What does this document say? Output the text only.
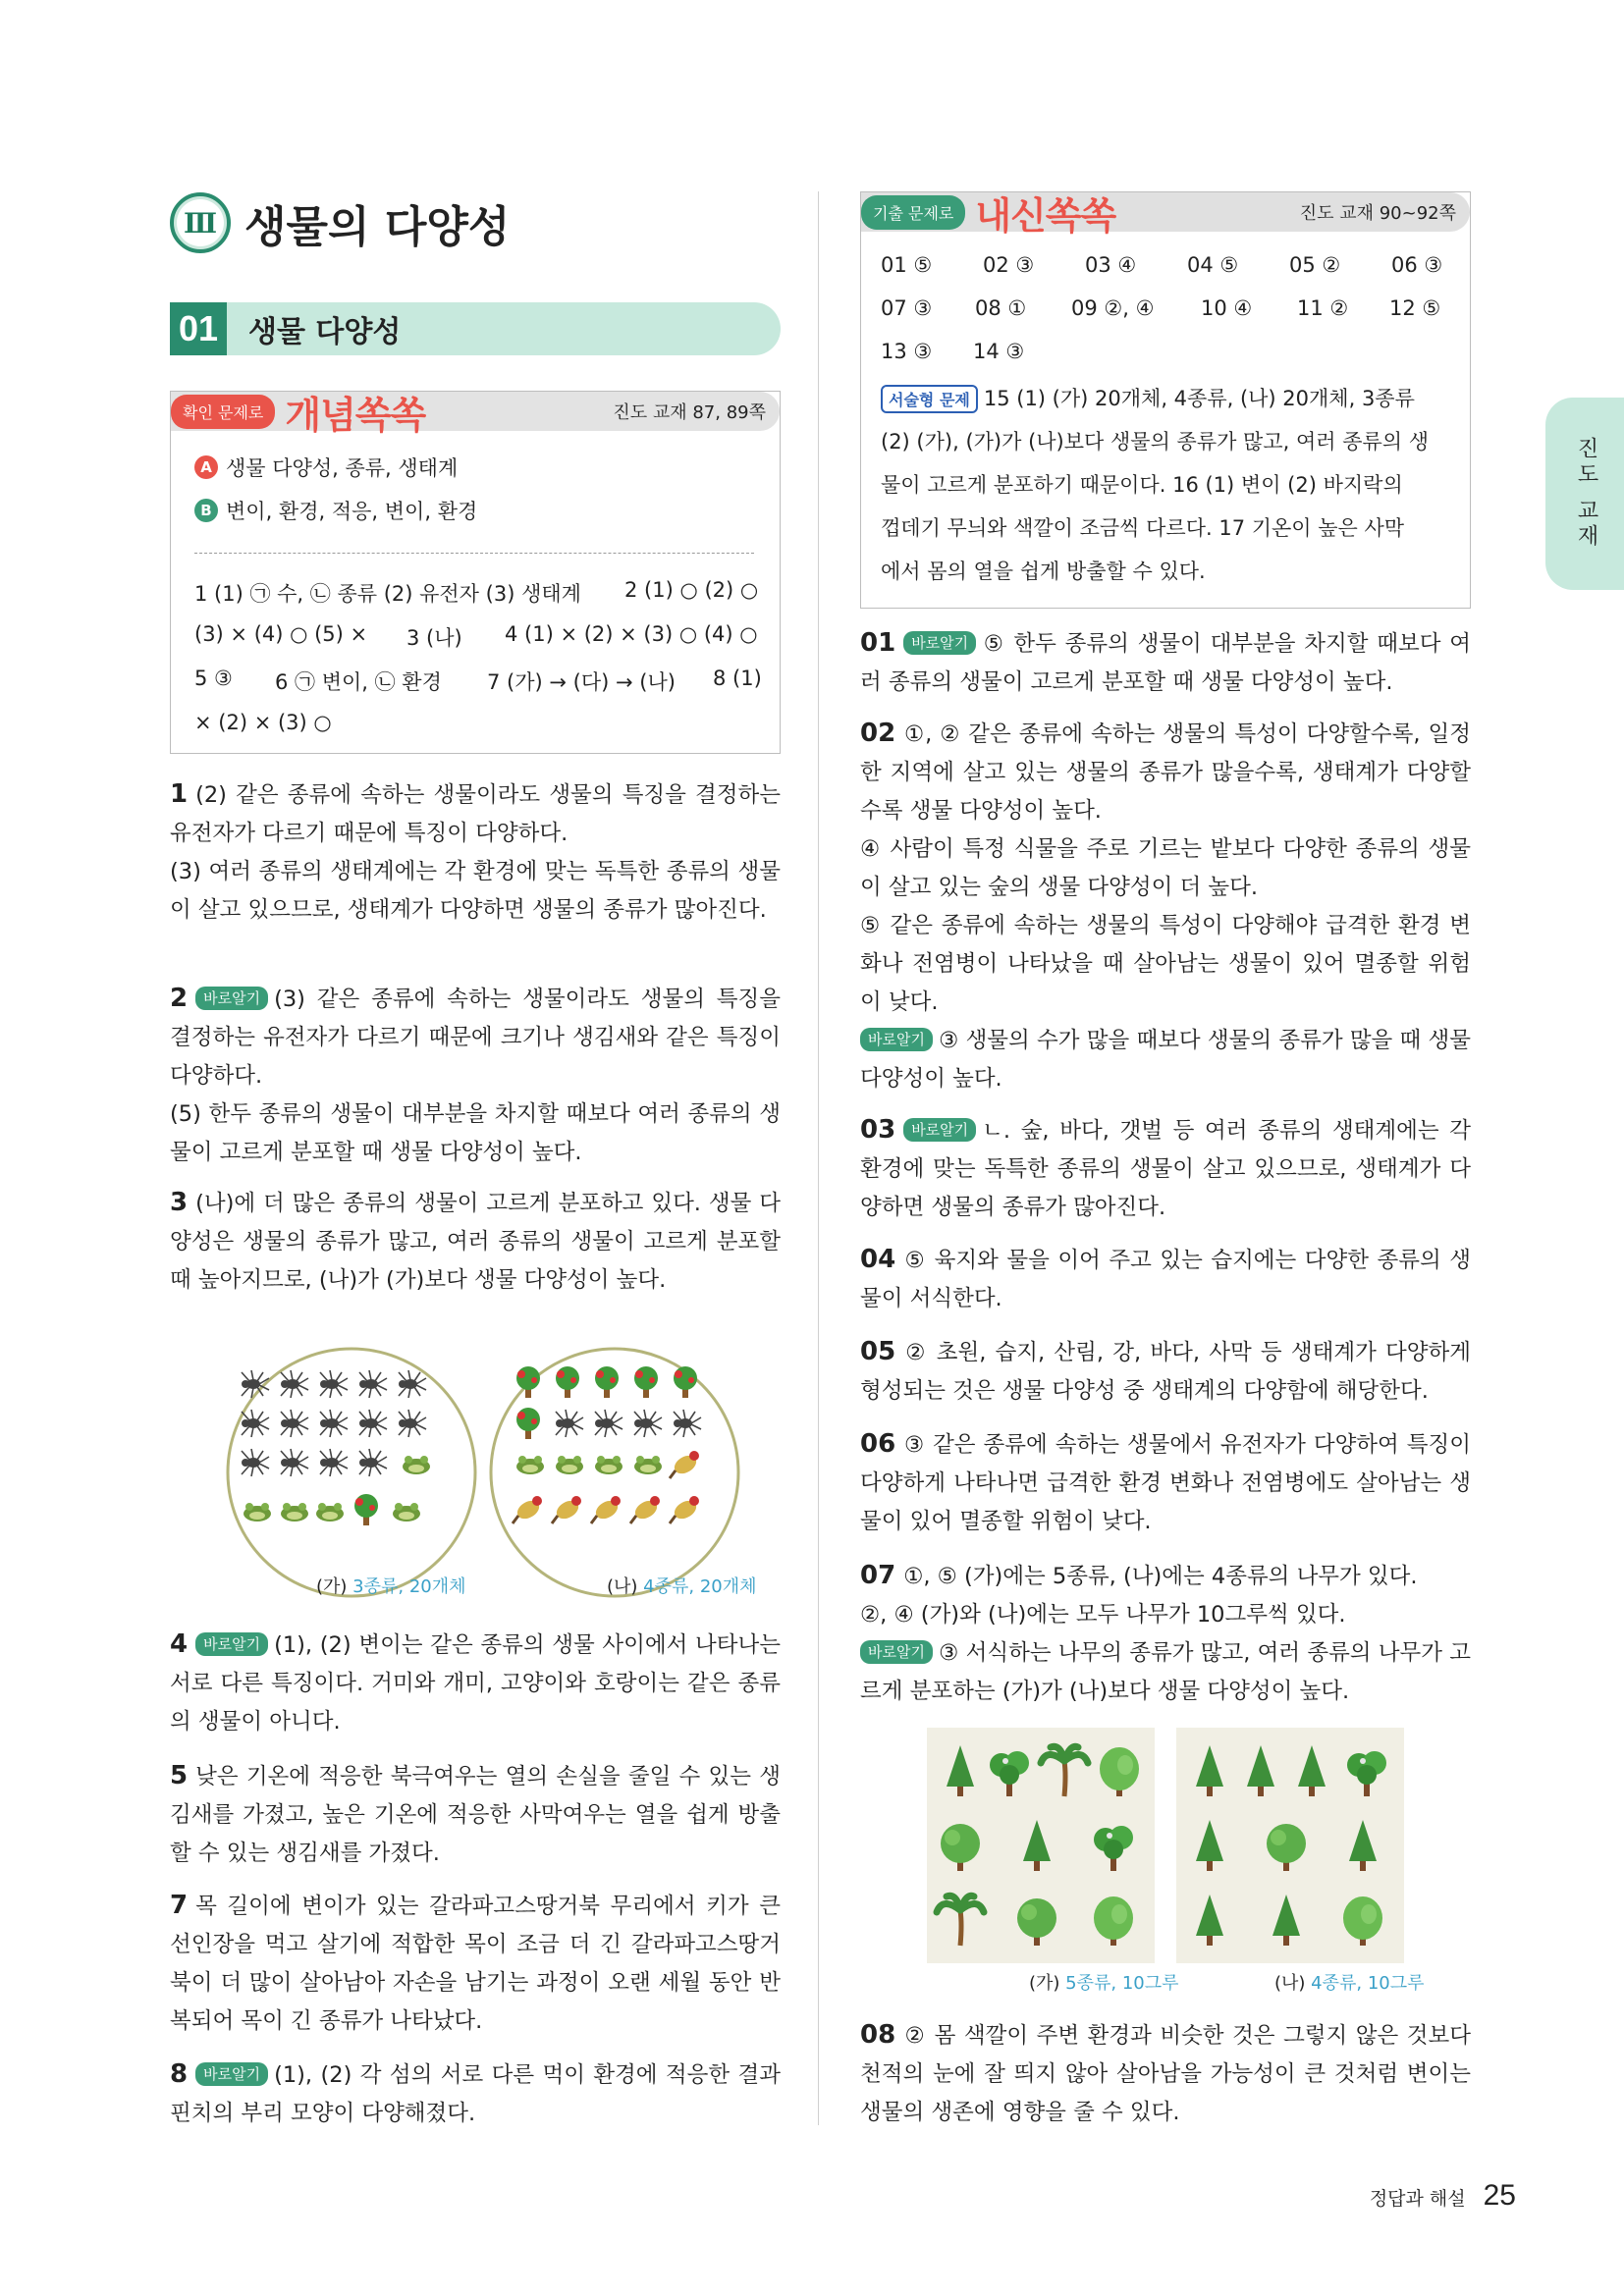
Ⅲ 생물의 다양성
01 생물 다양성
확인 문제로 개념쏙쏙	진도 교재 87, 89쪽
A 생물 다양성, 종류, 생태계
B 변이, 환경, 적응, 변이, 환경
1 (1) ㉠ 수, ㉡ 종류 (2) 유전자 (3) 생태계 2 (1) ○ (2) ○
(3) × (4) ○ (5) × 3 (나) 4 (1) × (2) × (3) ○ (4) ○
5 ③ 6 ㉠ 변이, ㉡ 환경 7 (가) → (다) → (나) 8 (1)
× (2) × (3) ○
1 (2) 같은 종류에 속하는 생물이라도 생물의 특징을 결정하는 유전자가 다르기 때문에 특징이 다양하다.
(3) 여러 종류의 생태계에는 각 환경에 맞는 독특한 종류의 생물이 살고 있으므로, 생태계가 다양하면 생물의 종류가 많아진다.
2 바로알기 (3) 같은 종류에 속하는 생물이라도 생물의 특징을 결정하는 유전자가 다르기 때문에 크기나 생김새와 같은 특징이 다양하다.
(5) 한두 종류의 생물이 대부분을 차지할 때보다 여러 종류의 생물이 고르게 분포할 때 생물 다양성이 높다.
3 (나)에 더 많은 종류의 생물이 고르게 분포하고 있다. 생물 다양성은 생물의 종류가 많고, 여러 종류의 생물이 고르게 분포할 때 높아지므로, (나)가 (가)보다 생물 다양성이 높다.
(가) 3종류, 20개체	(나) 4종류, 20개체
4 바로알기 (1), (2) 변이는 같은 종류의 생물 사이에서 나타나는 서로 다른 특징이다. 거미와 개미, 고양이와 호랑이는 같은 종류의 생물이 아니다.
5 낮은 기온에 적응한 북극여우는 열의 손실을 줄일 수 있는 생김새를 가졌고, 높은 기온에 적응한 사막여우는 열을 쉽게 방출할 수 있는 생김새를 가졌다.
7 목 길이에 변이가 있는 갈라파고스땅거북 무리에서 키가 큰 선인장을 먹고 살기에 적합한 목이 조금 더 긴 갈라파고스땅거북이 더 많이 살아남아 자손을 남기는 과정이 오랜 세월 동안 반복되어 목이 긴 종류가 나타났다.
8 바로알기 (1), (2) 각 섬의 서로 다른 먹이 환경에 적응한 결과 핀치의 부리 모양이 다양해졌다.
기출 문제로 내신쏙쏙	진도 교재 90~92쪽
01 ⑤ 02 ③ 03 ④ 04 ⑤ 05 ② 06 ③
07 ③ 08 ① 09 ②, ④ 10 ④ 11 ② 12 ⑤
13 ③ 14 ③
서술형 문제 15 (1) (가) 20개체, 4종류, (나) 20개체, 3종류
(2) (가), (가)가 (나)보다 생물의 종류가 많고, 여러 종류의 생
물이 고르게 분포하기 때문이다. 16 (1) 변이 (2) 바지락의
껍데기 무늬와 색깔이 조금씩 다르다. 17 기온이 높은 사막
에서 몸의 열을 쉽게 방출할 수 있다.
01 바로알기 ⑤ 한두 종류의 생물이 대부분을 차지할 때보다 여러 종류의 생물이 고르게 분포할 때 생물 다양성이 높다.
02 ①, ② 같은 종류에 속하는 생물의 특성이 다양할수록, 일정한 지역에 살고 있는 생물의 종류가 많을수록, 생태계가 다양할수록 생물 다양성이 높다.
④ 사람이 특정 식물을 주로 기르는 밭보다 다양한 종류의 생물이 살고 있는 숲의 생물 다양성이 더 높다.
⑤ 같은 종류에 속하는 생물의 특성이 다양해야 급격한 환경 변화나 전염병이 나타났을 때 살아남는 생물이 있어 멸종할 위험이 낮다.
바로알기 ③ 생물의 수가 많을 때보다 생물의 종류가 많을 때 생물 다양성이 높다.
03 바로알기 ㄴ. 숲, 바다, 갯벌 등 여러 종류의 생태계에는 각 환경에 맞는 독특한 종류의 생물이 살고 있으므로, 생태계가 다양하면 생물의 종류가 많아진다.
04 ⑤ 육지와 물을 이어 주고 있는 습지에는 다양한 종류의 생물이 서식한다.
05 ② 초원, 습지, 산림, 강, 바다, 사막 등 생태계가 다양하게 형성되는 것은 생물 다양성 중 생태계의 다양함에 해당한다.
06 ③ 같은 종류에 속하는 생물에서 유전자가 다양하여 특징이 다양하게 나타나면 급격한 환경 변화나 전염병에도 살아남는 생물이 있어 멸종할 위험이 낮다.
07 ①, ⑤ (가)에는 5종류, (나)에는 4종류의 나무가 있다.
②, ④ (가)와 (나)에는 모두 나무가 10그루씩 있다.
바로알기 ③ 서식하는 나무의 종류가 많고, 여러 종류의 나무가 고르게 분포하는 (가)가 (나)보다 생물 다양성이 높다.
(가) 5종류, 10그루	(나) 4종류, 10그루
08 ② 몸 색깔이 주변 환경과 비슷한 것은 그렇지 않은 것보다 천적의 눈에 잘 띄지 않아 살아남을 가능성이 큰 것처럼 변이는 생물의 생존에 영향을 줄 수 있다.
진도 교재
정답과 해설 25
